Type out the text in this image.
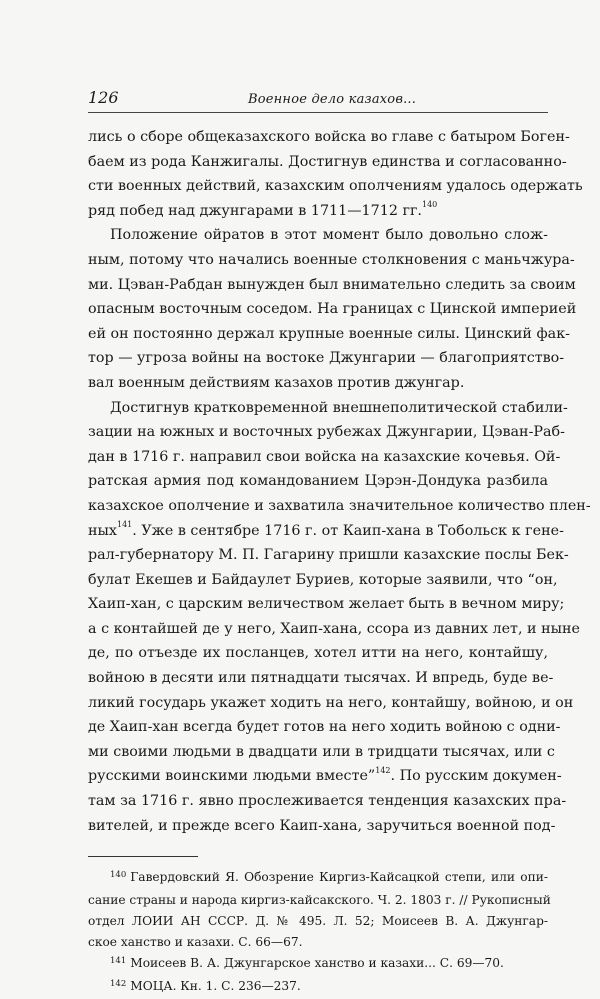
126	Военное дело казахов...

лись о сборе общеказахского войска во главе с батыром Боген-
баем из рода Канжигалы. Достигнув единства и согласованно-
сти военных действий, казахским ополчениям удалось одержать
ряд побед над джунгарами в 1711—1712 гг.$^{140}$

Положение ойратов в этот момент было довольно слож-
ным, потому что начались военные столкновения с маньчжура-
ми. Цэван-Рабдан вынужден был внимательно следить за своим
опасным восточным соседом. На границах с Цинской империей
ей он постоянно держал крупные военные силы. Цинский фак-
тор — угроза войны на востоке Джунгарии — благоприятство-
вал военным действиям казахов против джунгар.

Достигнув кратковременной внешнеполитической стабили-
зации на южных и восточных рубежах Джунгарии, Цэван-Раб-
дан в 1716 г. направил свои войска на казахские кочевья. Ой-
ратская армия под командованием Цэрэн-Дондука разбила
казахское ополчение и захватила значительное количество плен-
ных$^{141}$. Уже в сентябре 1716 г. от Каип-хана в Тобольск к гене-
рал-губернатору М. П. Гагарину пришли казахские послы Бек-
булат Екешев и Байдаулет Буриев, которые заявили, что “он,
Хаип-хан, с царским величеством желает быть в вечном миру;
а с контайшей де у него, Хаип-хана, ссора из давних лет, и ныне
де, по отъезде их посланцев, хотел итти на него, контайшу,
войною в десяти или пятнадцати тысячах. И впредь, буде ве-
ликий государь укажет ходить на него, контайшу, войною, и он
де Хаип-хан всегда будет готов на него ходить войною с одни-
ми своими людьми в двадцати или в тридцати тысячах, или с
русскими воинскими людьми вместе”$^{142}$. По русским докумен-
там за 1716 г. явно прослеживается тенденция казахских пра-
вителей, и прежде всего Каип-хана, заручиться военной под-

$^{140}$ Гавердовский Я. Обозрение Киргиз-Кайсацкой степи, или опи-
сание страны и народа киргиз-кайсакского. Ч. 2. 1803 г. // Рукописный
отдел ЛОИИ АН СССР. Д. № 495. Л. 52; Моисеев В. А. Джунгар-
ское ханство и казахи. С. 66—67.

$^{141}$ Моисеев В. А. Джунгарское ханство и казахи... С. 69—70.

$^{142}$ МОЦА. Кн. 1. С. 236—237.
